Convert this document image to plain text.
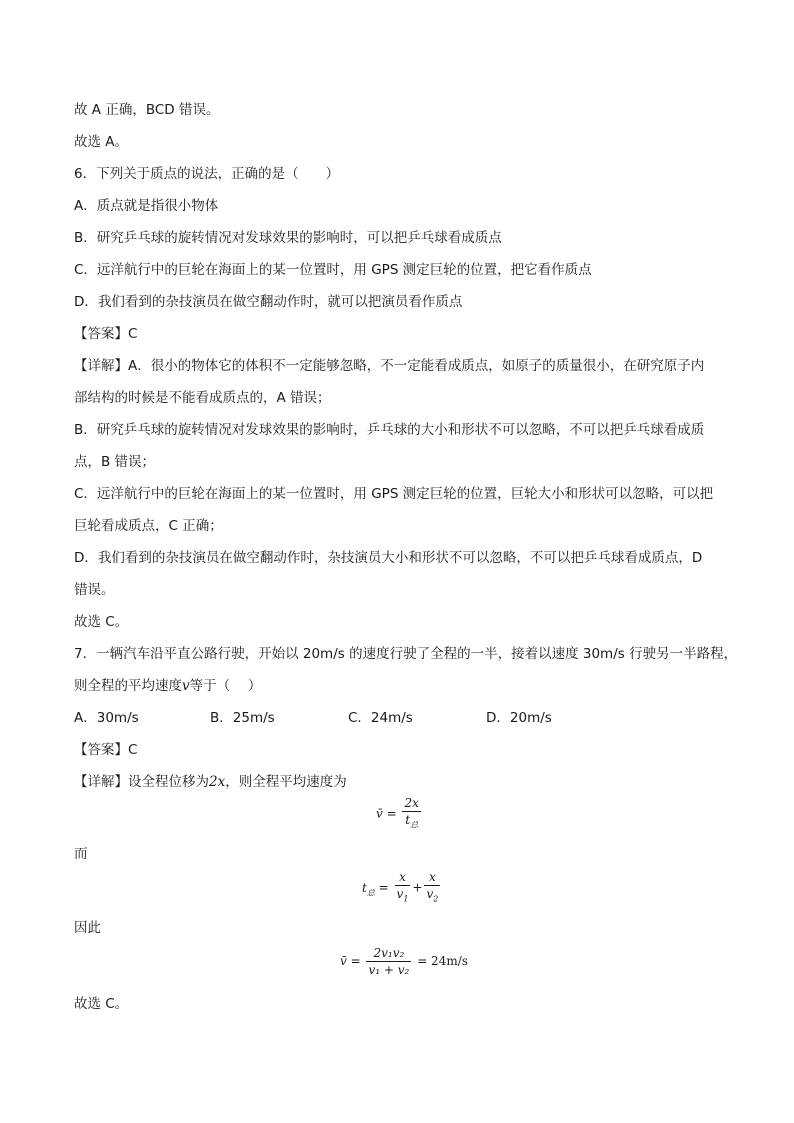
故 A 正确，BCD 错误。
故选 A。
6．下列关于质点的说法，正确的是（　　）
A．质点就是指很小物体
B．研究乒乓球的旋转情况对发球效果的影响时，可以把乒乓球看成质点
C．远洋航行中的巨轮在海面上的某一位置时，用 GPS 测定巨轮的位置，把它看作质点
D．我们看到的杂技演员在做空翻动作时，就可以把演员看作质点
【答案】C
【详解】A．很小的物体它的体积不一定能够忽略，不一定能看成质点，如原子的质量很小，在研究原子内
部结构的时候是不能看成质点的，A 错误；
B．研究乒乓球的旋转情况对发球效果的影响时，乒乓球的大小和形状不可以忽略，不可以把乒乓球看成质
点，B 错误；
C．远洋航行中的巨轮在海面上的某一位置时，用 GPS 测定巨轮的位置，巨轮大小和形状可以忽略，可以把
巨轮看成质点，C 正确；
D．我们看到的杂技演员在做空翻动作时，杂技演员大小和形状不可以忽略，不可以把乒乓球看成质点，D
错误。
故选 C。
7．一辆汽车沿平直公路行驶，开始以 20m/s 的速度行驶了全程的一半，接着以速度 30m/s 行驶另一半路程，
则全程的平均速度v等于（　 ）
A．30m/s	B．25m/s	C．24m/s	D．20m/s
【答案】C
【详解】设全程位移为2x，则全程平均速度为
v̄ = $\frac{2x}{t_总}$
而
$t_总 = \frac{x}{v_1} + \frac{x}{v_2}$
因此
v̄ = $\frac{\text{2v₁v₂}}{\text{v₁ + v₂}} = 24m/s$
故选 C。
